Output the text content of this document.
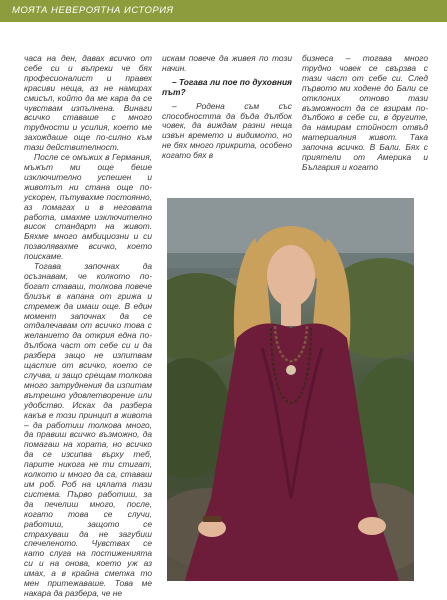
МОЯТА НЕВЕРОЯТНА ИСТОРИЯ

часа на ден, давах всичко от себе си и въпреки че бях професионалист и правех красиви неща, аз не намирах смисъл, който да ме кара да се чувствам изпълнена. Винаги всичко ставаше с много трудности и усилия, което ме захождаше още по-силно към тази действителност.

После се омъжих в Германия, мъжът ми още беше изключително успешен и животът ни стана още по-ускорен, пътувахме постоянно, аз помагах и в неговата работа, имахме изключително висок стандарт на живот. Бяхме много амбициозни и си позволявахме всичко, което поискаме.

Тогава започнах да осъзнавам, че колкото по-богат ставаш, толкова повече близък в капана от грижа и стремеж да имаш още. В един момент започнах да се отдалечавам от всичко това с желанието да открия една по-дълбока част от себе си и да разбера защо не изпитвам щастие от всичко, което се случва, и защо срещам толкова много затруднения да изпитам вътрешно удовлетворение или удобство. Исках да разбера какъв е този принцип в живота – да работиш толкова много, да правиш всичко възможно, да помагаш на хората, но всичко да се изсипва върху теб, парите никога не ти стигат, колкото и много да са, ставаш им роб. Роб на цялата тази система. Първо работиш, за да печелиш много, после, когато това се случи, работиш, защото се страхуваш да не загубиш спечеленото. Чувствах се като слуга на постиженията си и на онова, което уж аз имах, а в крайна сметка то мен притежаваше. Това ме накара да разбера, че не

искам повече да живея по този начин.

– Тогава ли пое по духовния път?

– Родена съм със способността да бъда дълбок човек, да виждам разни неща извън времето и видимото, но не бях много прикрита, особено когато бях в

бизнеса – тогава много трудно човек се свързва с тази част от себе си. След първото ми ходене до Бали се отклоних отново тази възможност да се взирам по-дълбоко в себе си, в другите, да намирам стойност отвъд материалния живот. Така започна всичко. В Бали. Бях с приятели от Америка и България и когато
